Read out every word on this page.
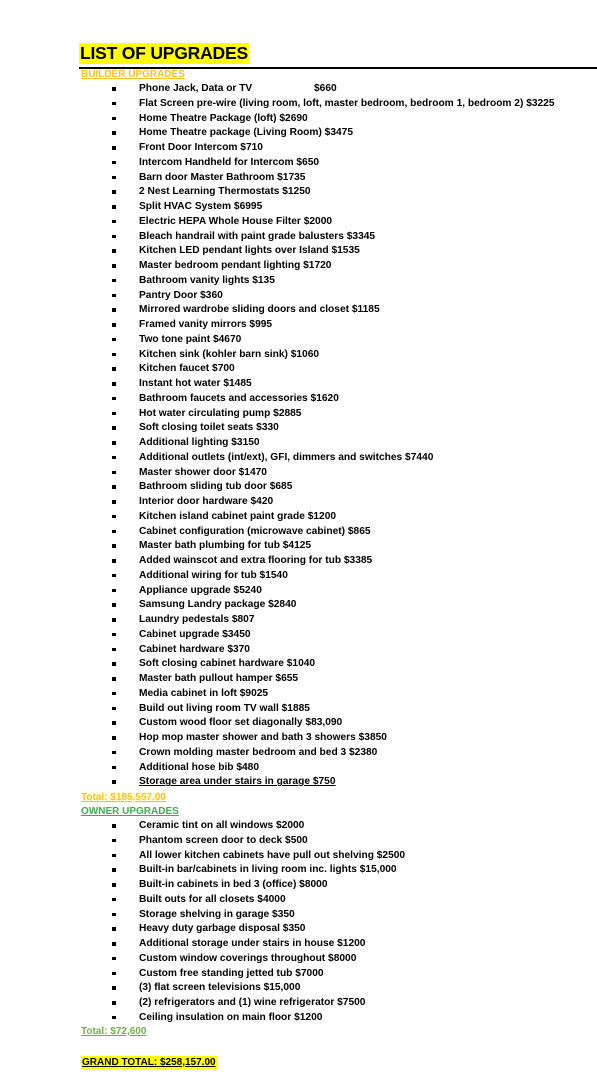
LIST OF UPGRADES
BUILDER UPGRADES
Phone Jack, Data or TV	$660
Flat Screen pre-wire (living room, loft, master bedroom, bedroom 1, bedroom 2) $3225
Home Theatre Package (loft) $2690
Home Theatre package (Living Room) $3475
Front Door Intercom $710
Intercom Handheld for Intercom $650
Barn door Master Bathroom $1735
2 Nest Learning Thermostats $1250
Split HVAC System $6995
Electric HEPA Whole House Filter $2000
Bleach handrail with paint grade balusters $3345
Kitchen LED pendant lights over Island $1535
Master bedroom pendant lighting $1720
Bathroom vanity lights $135
Pantry Door $360
Mirrored wardrobe sliding doors and closet $1185
Framed vanity mirrors $995
Two tone paint $4670
Kitchen sink (kohler barn sink) $1060
Kitchen faucet $700
Instant hot water $1485
Bathroom faucets and accessories $1620
Hot water circulating pump $2885
Soft closing toilet seats $330
Additional lighting $3150
Additional outlets (int/ext), GFI, dimmers and switches $7440
Master shower door $1470
Bathroom sliding tub door $685
Interior door hardware $420
Kitchen island cabinet paint grade $1200
Cabinet configuration (microwave cabinet) $865
Master bath plumbing for tub $4125
Added wainscot and extra flooring for tub $3385
Additional wiring for tub $1540
Appliance upgrade $5240
Samsung Landry package $2840
Laundry pedestals $807
Cabinet upgrade $3450
Cabinet hardware $370
Soft closing cabinet hardware $1040
Master bath pullout hamper $655
Media cabinet in loft $9025
Build out living room TV wall $1885
Custom wood floor set diagonally $83,090
Hop mop master shower and bath 3 showers $3850
Crown molding master bedroom and bed 3 $2380
Additional hose bib $480
Storage area under stairs in garage $750
Total: $185,557.00
OWNER UPGRADES
Ceramic tint on all windows $2000
Phantom screen door to deck $500
All lower kitchen cabinets have pull out shelving $2500
Built-in bar/cabinets in living room inc. lights $15,000
Built-in cabinets in bed 3 (office) $8000
Built outs for all closets $4000
Storage shelving in garage $350
Heavy duty garbage disposal $350
Additional storage under stairs in house $1200
Custom window coverings throughout $8000
Custom free standing jetted tub $7000
(3) flat screen televisions $15,000
(2) refrigerators and (1) wine refrigerator $7500
Ceiling insulation on main floor $1200
Total: $72,600
GRAND TOTAL: $258,157.00
